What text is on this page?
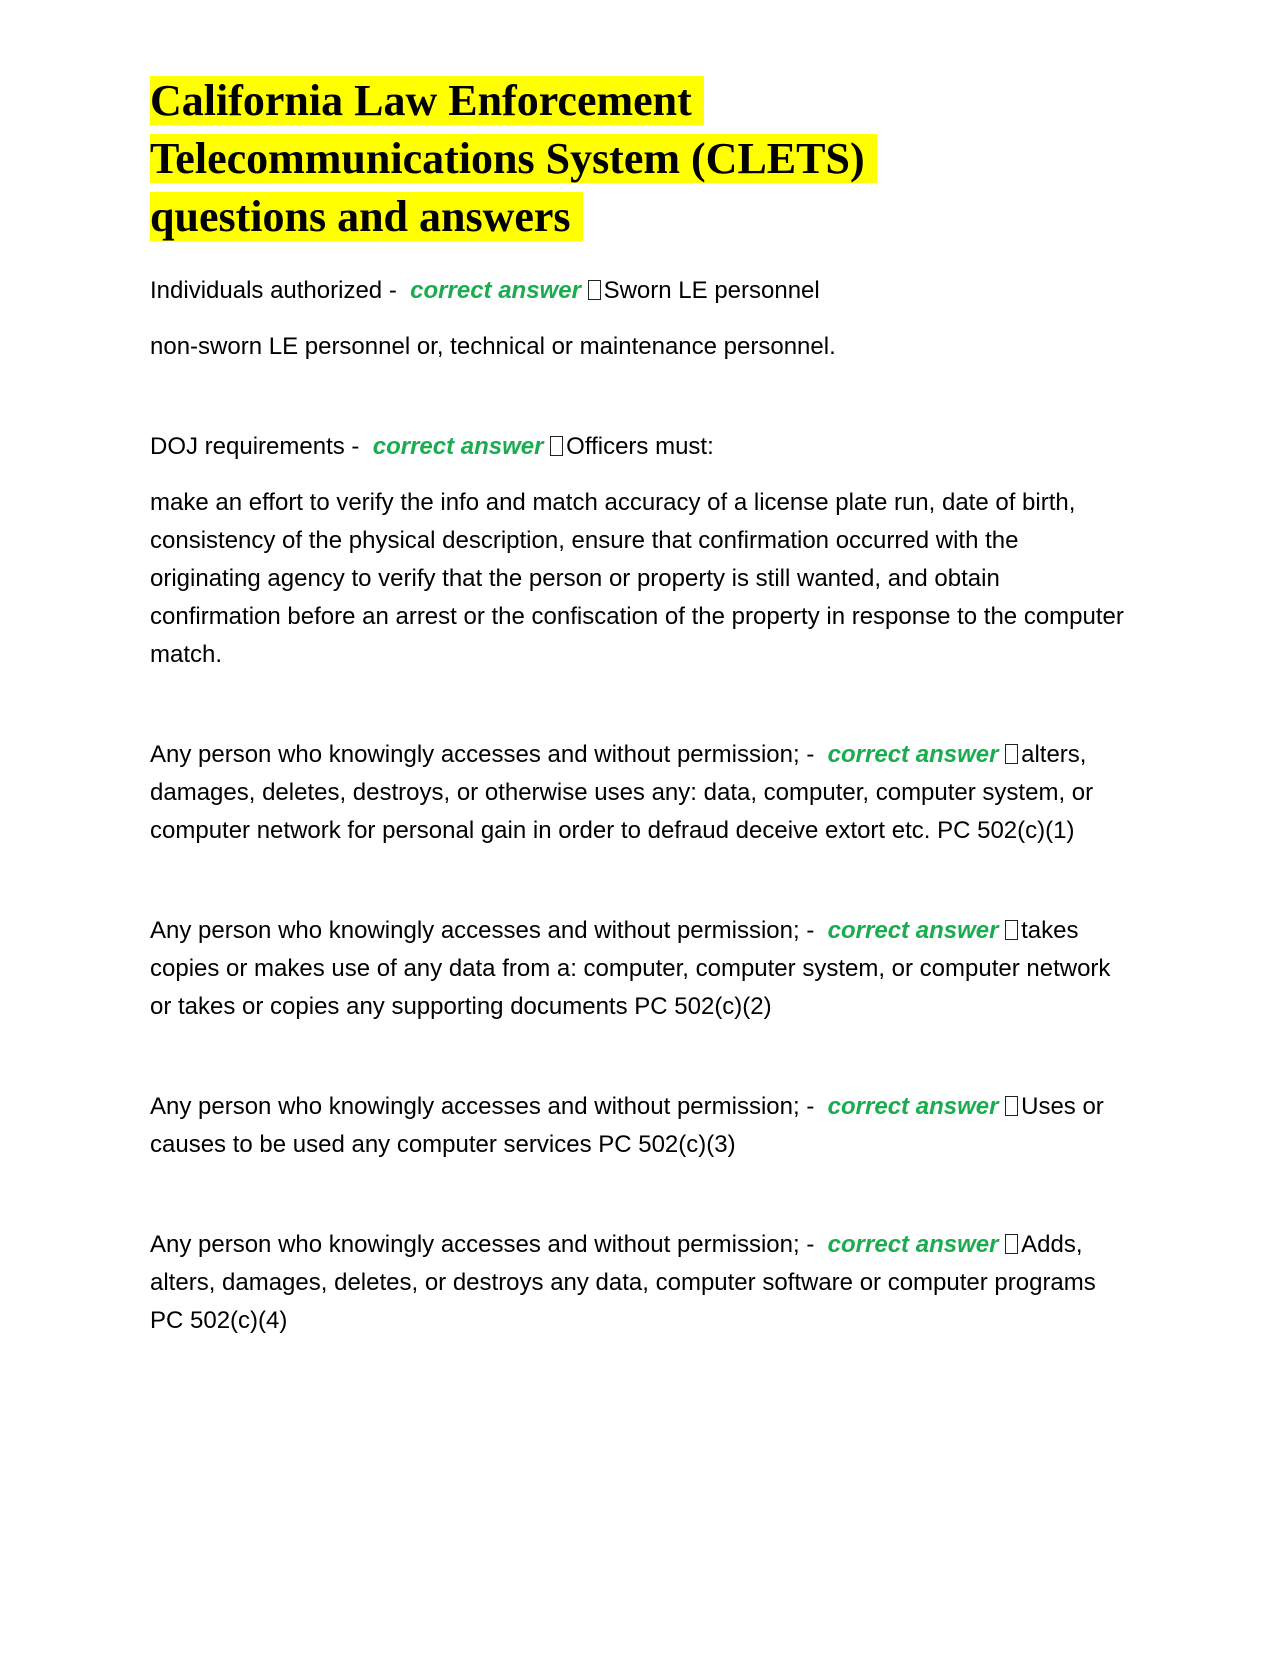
California Law Enforcement Telecommunications System (CLETS) questions and answers

Individuals authorized - correct answer Sworn LE personnel

non-sworn LE personnel or, technical or maintenance personnel.

DOJ requirements - correct answer Officers must:

make an effort to verify the info and match accuracy of a license plate run, date of birth, consistency of the physical description, ensure that confirmation occurred with the originating agency to verify that the person or property is still wanted, and obtain confirmation before an arrest or the confiscation of the property in response to the computer match.

Any person who knowingly accesses and without permission; - correct answer alters, damages, deletes, destroys, or otherwise uses any: data, computer, computer system, or computer network for personal gain in order to defraud deceive extort etc. PC 502(c)(1)

Any person who knowingly accesses and without permission; - correct answer takes copies or makes use of any data from a: computer, computer system, or computer network or takes or copies any supporting documents PC 502(c)(2)

Any person who knowingly accesses and without permission; - correct answer Uses or causes to be used any computer services PC 502(c)(3)

Any person who knowingly accesses and without permission; - correct answer Adds, alters, damages, deletes, or destroys any data, computer software or computer programs PC 502(c)(4)
